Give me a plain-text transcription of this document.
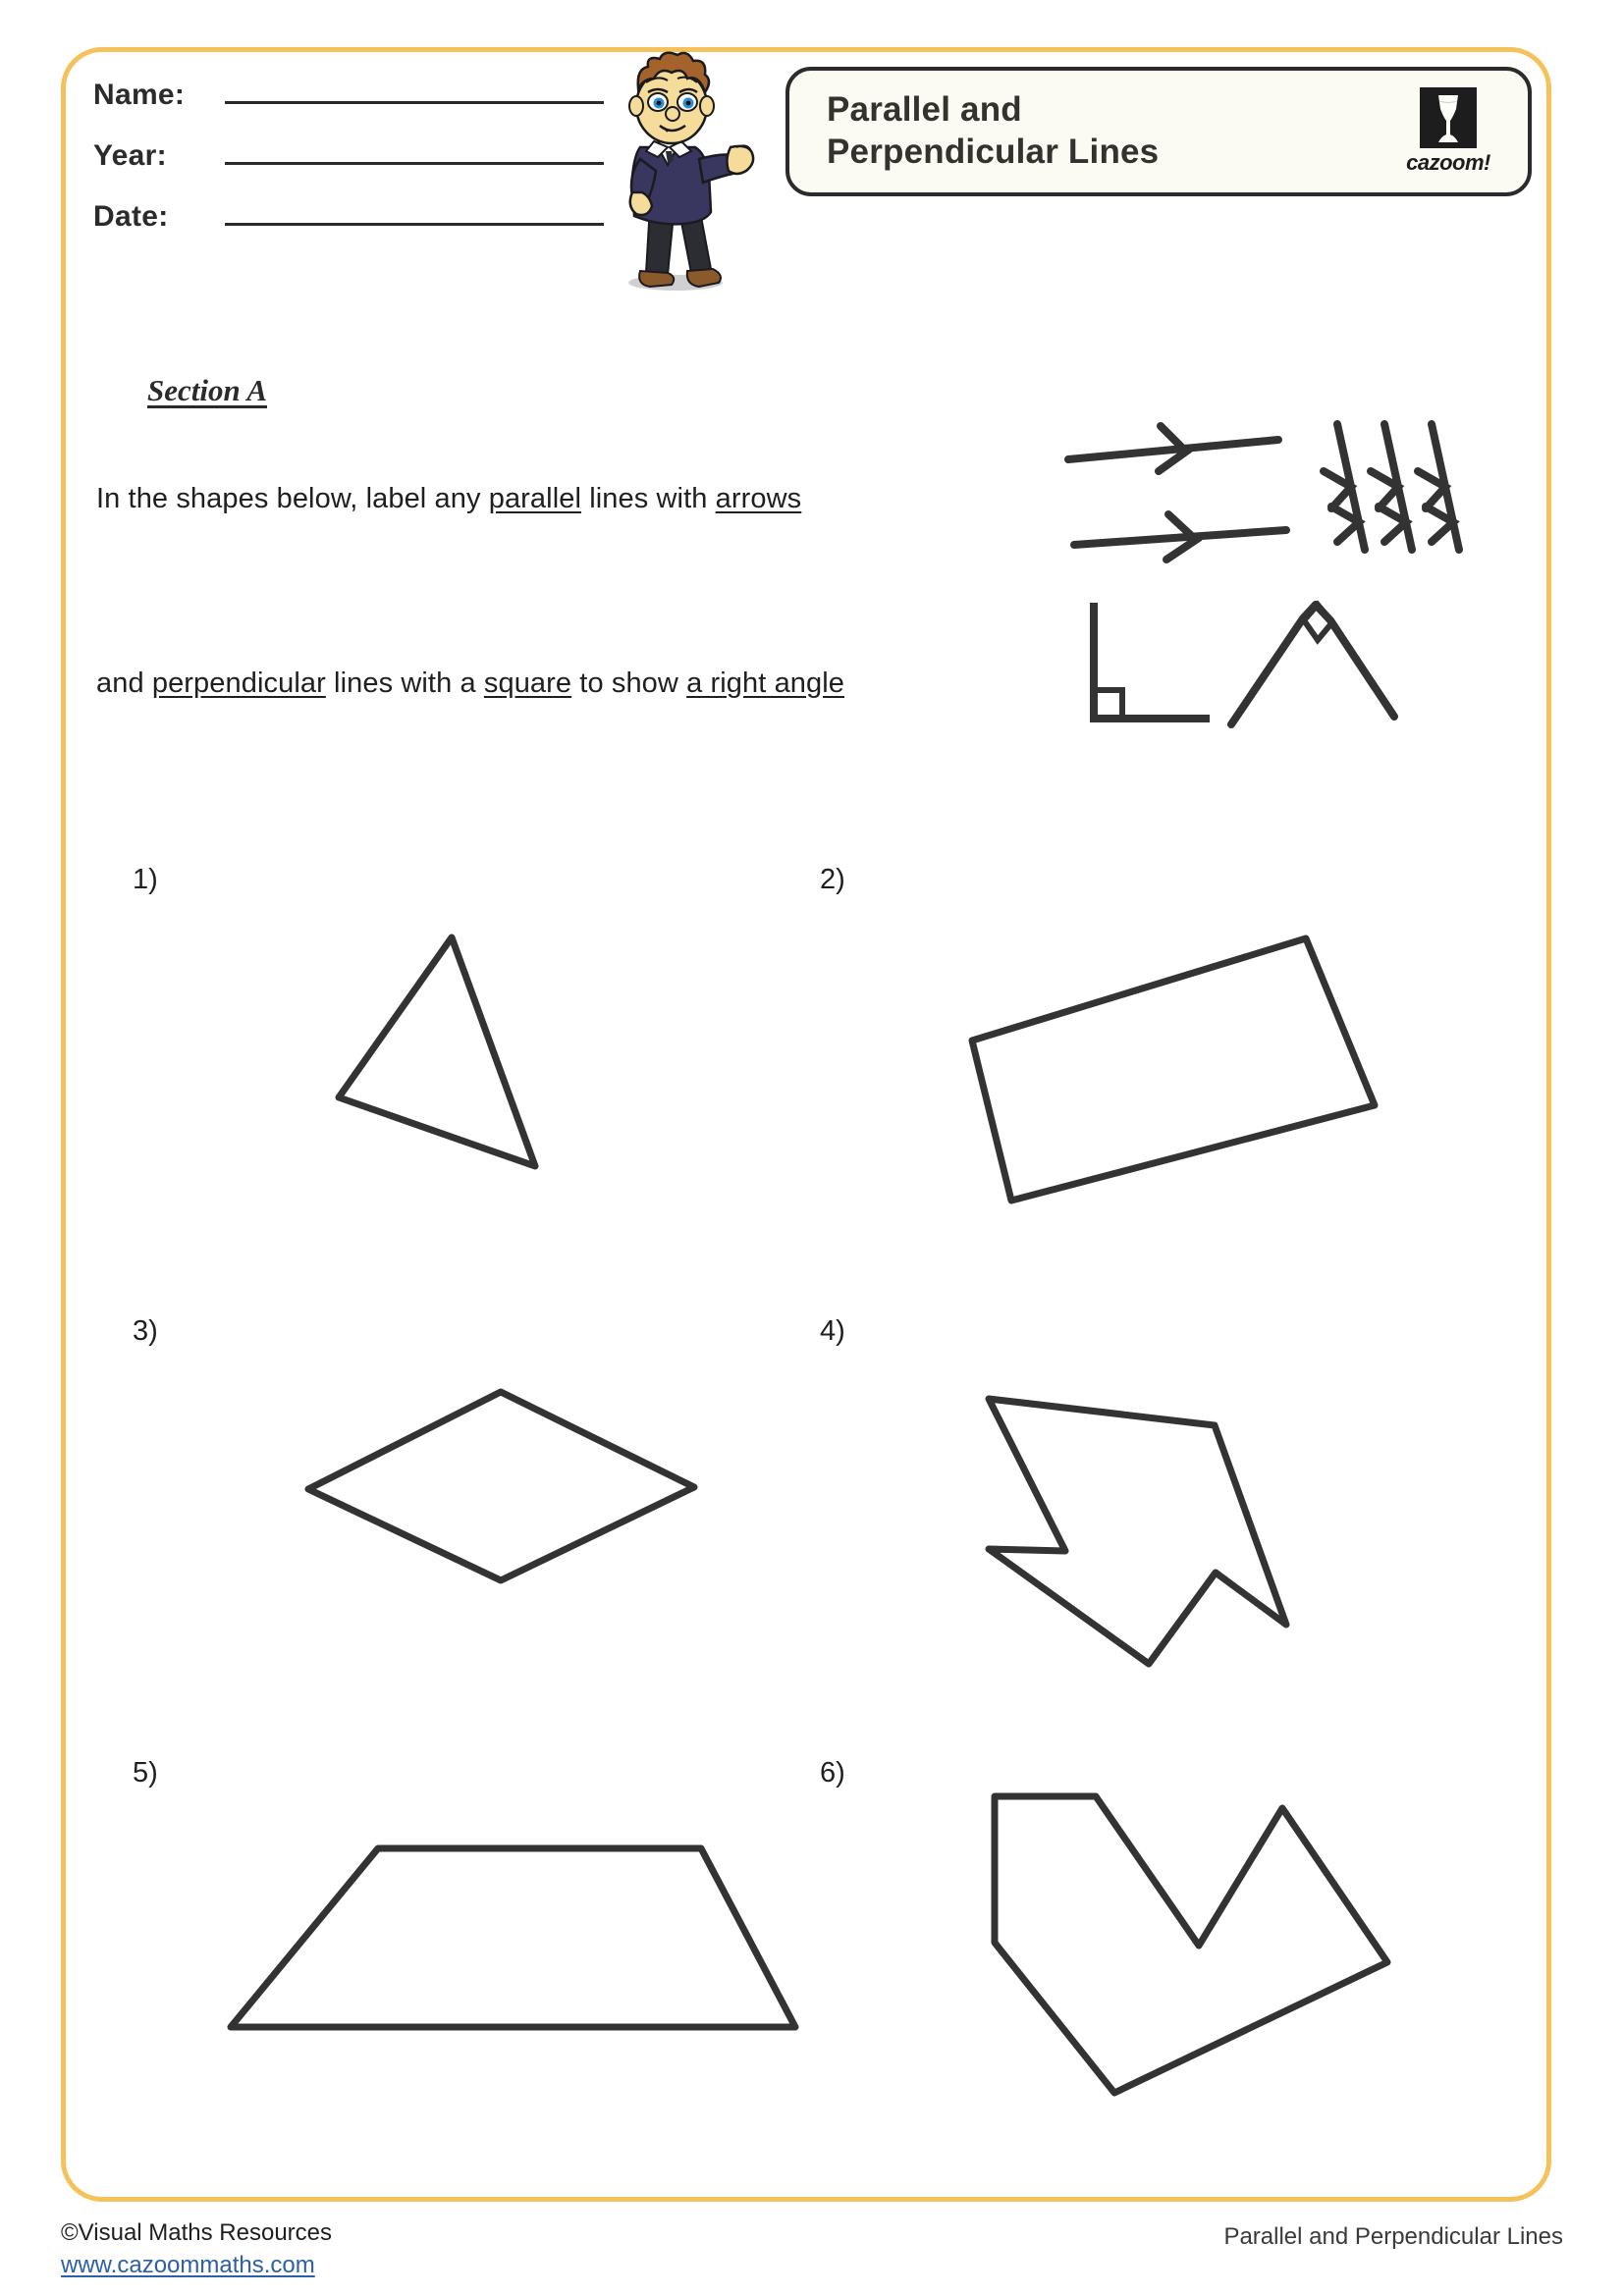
Name:
Year:
Date:
Parallel and
Perpendicular Lines	cazoom!
Section A
In the shapes below, label any parallel lines with arrows
and perpendicular lines with a square to show a right angle
1)	2)
3)	4)
5)	6)
©Visual Maths Resources
www.cazoommaths.com
Parallel and Perpendicular Lines
